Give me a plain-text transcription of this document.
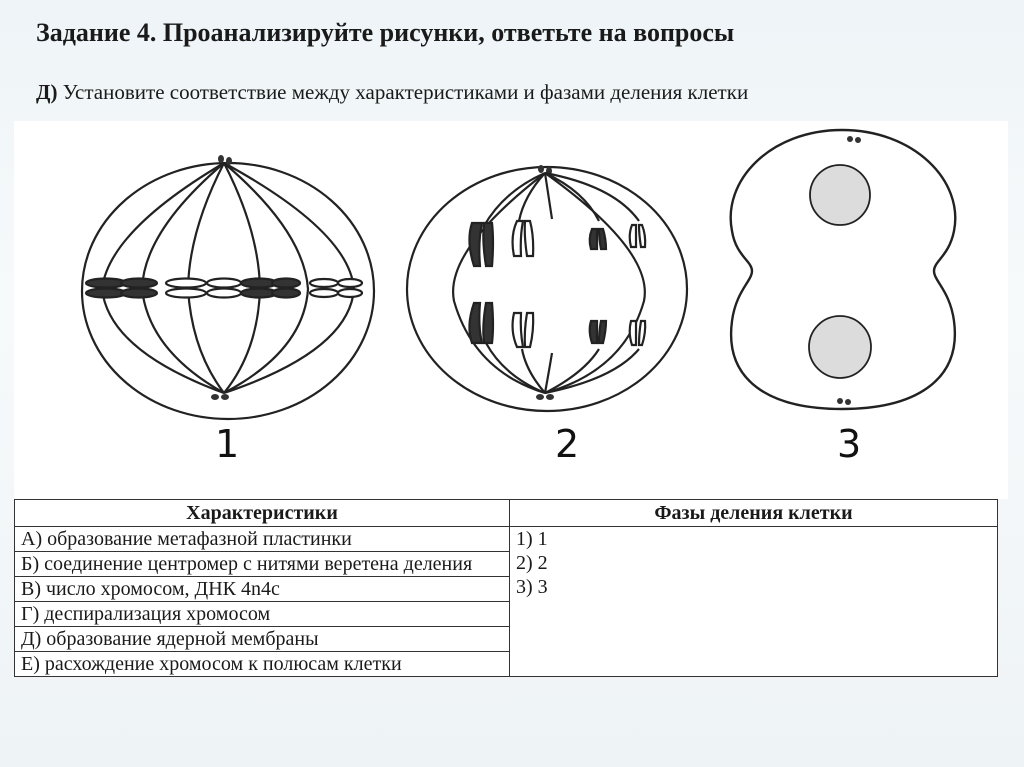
Задание 4. Проанализируйте рисунки, ответьте на вопросы
Д) Установите соответствие между характеристиками и фазами деления клетки
1	2	3
Характеристики	Фазы деления клетки
А) образование метафазной пластинки	1) 1
2) 2
3) 3

Б) соединение центромер с нитями веретена деления	
В) число хромосом, ДНК 4n4c	
Г) деспирализация хромосом	
Д) образование ядерной мембраны	
Е) расхождение хромосом к полюсам клетки	
